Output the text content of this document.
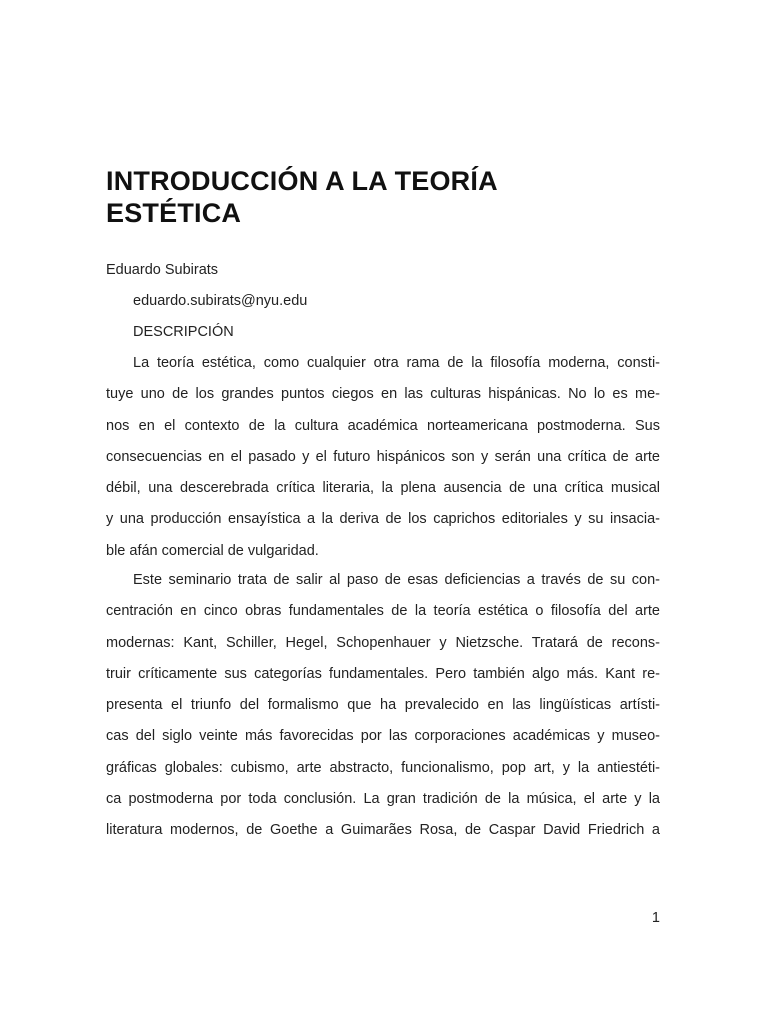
INTRODUCCIÓN A LA TEORÍA
ESTÉTICA
Eduardo Subirats
eduardo.subirats@nyu.edu
DESCRIPCIÓN
La teoría estética, como cualquier otra rama de la filosofía moderna, consti-
tuye uno de los grandes puntos ciegos en las culturas hispánicas. No lo es me-
nos en el contexto de la cultura académica norteamericana postmoderna. Sus
consecuencias en el pasado y el futuro hispánicos son y serán una crítica de arte
débil, una descerebrada crítica literaria, la plena ausencia de una crítica musical
y una producción ensayística a la deriva de los caprichos editoriales y su insacia-
ble afán comercial de vulgaridad.
Este seminario trata de salir al paso de esas deficiencias a través de su con-
centración en cinco obras fundamentales de la teoría estética o filosofía del arte
modernas: Kant, Schiller, Hegel, Schopenhauer y Nietzsche. Tratará de recons-
truir críticamente sus categorías fundamentales. Pero también algo más. Kant re-
presenta el triunfo del formalismo que ha prevalecido en las lingüísticas artísti-
cas del siglo veinte más favorecidas por las corporaciones académicas y museo-
gráficas globales: cubismo, arte abstracto, funcionalismo, pop art, y la antiestéti-
ca postmoderna por toda conclusión. La gran tradición de la música, el arte y la
literatura modernos, de Goethe a Guimarães Rosa, de Caspar David Friedrich a
1
